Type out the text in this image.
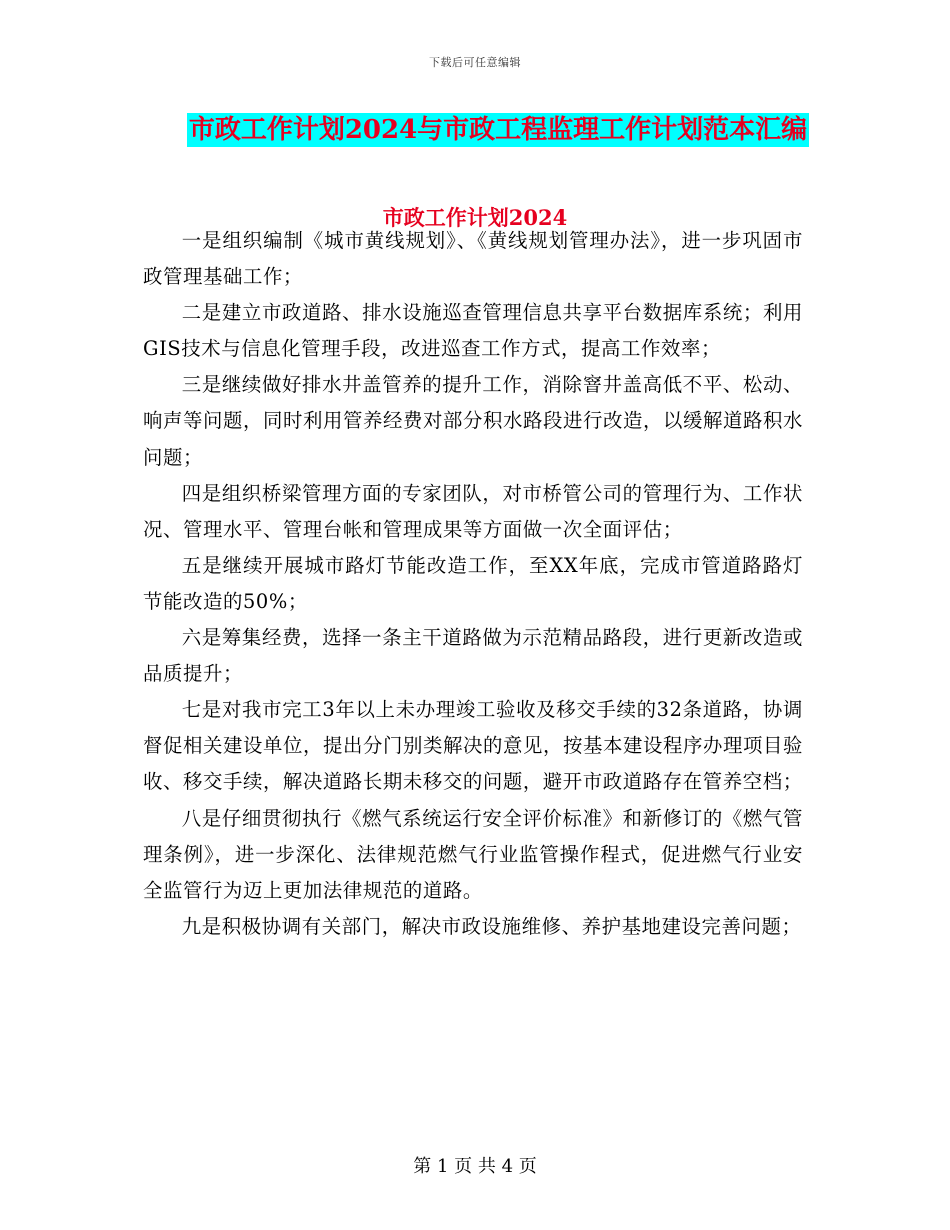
下载后可任意编辑
市政工作计划2024与市政工程监理工作计划范本汇编
市政工作计划2024

一是组织编制《城市黄线规划》、《黄线规划管理办法》，进一步巩固市政管理基础工作；

二是建立市政道路、排水设施巡查管理信息共享平台数据库系统；利用GIS技术与信息化管理手段，改进巡查工作方式，提高工作效率；

三是继续做好排水井盖管养的提升工作，消除窨井盖高低不平、松动、响声等问题，同时利用管养经费对部分积水路段进行改造，以缓解道路积水问题；

四是组织桥梁管理方面的专家团队，对市桥管公司的管理行为、工作状况、管理水平、管理台帐和管理成果等方面做一次全面评估；

五是继续开展城市路灯节能改造工作，至XX年底，完成市管道路路灯节能改造的50%；

六是筹集经费，选择一条主干道路做为示范精品路段，进行更新改造或品质提升；

七是对我市完工3年以上未办理竣工验收及移交手续的32条道路，协调督促相关建设单位，提出分门别类解决的意见，按基本建设程序办理项目验收、移交手续，解决道路长期未移交的问题，避开市政道路存在管养空档；

八是仔细贯彻执行《燃气系统运行安全评价标准》和新修订的《燃气管理条例》，进一步深化、法律规范燃气行业监管操作程式，促进燃气行业安全监管行为迈上更加法律规范的道路。

九是积极协调有关部门，解决市政设施维修、养护基地建设完善问题；

第 1 页 共 4 页
